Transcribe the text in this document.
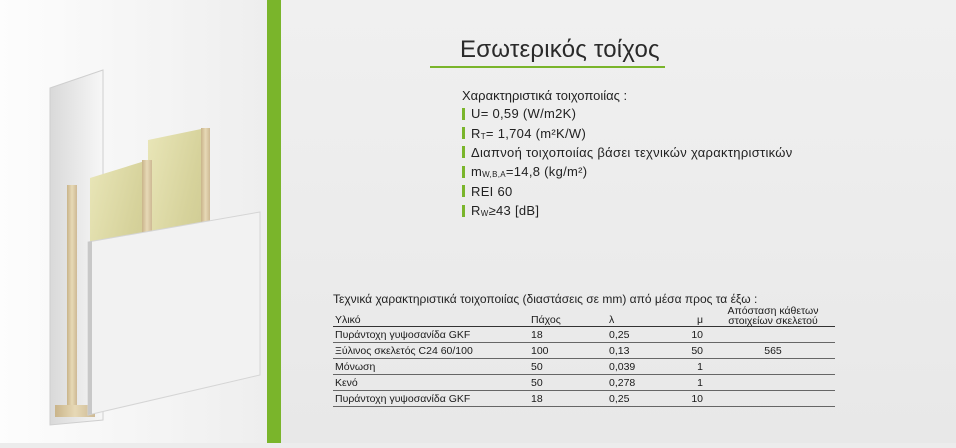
Εσωτερικός τοίχος
Χαρακτηριστικά τοιχοποιίας :
U= 0,59 (W/m2K)
R T = 1,704 (m²K/W)
Διαπνοή τοιχοποιίας βάσει τεχνικών χαρακτηριστικών
m W,B,A =14,8 (kg/m²)
REI 60
R W ≥43 [dB]
Τεχνικά χαρακτηριστικά τοιχοποιίας (διαστάσεις σε mm) από μέσα προς τα έξω :
Υλικό	Πάχος	λ	μ	Απόσταση κάθετων στοιχείων σκελετού
Πυράντοχη γυψοσανίδα GKF	18	0,25	10	
Ξύλινος σκελετός C24 60/100	100	0,13	50	565
Μόνωση	50	0,039	1	
Κενό	50	0,278	1	
Πυράντοχη γυψοσανίδα GKF	18	0,25	10	
